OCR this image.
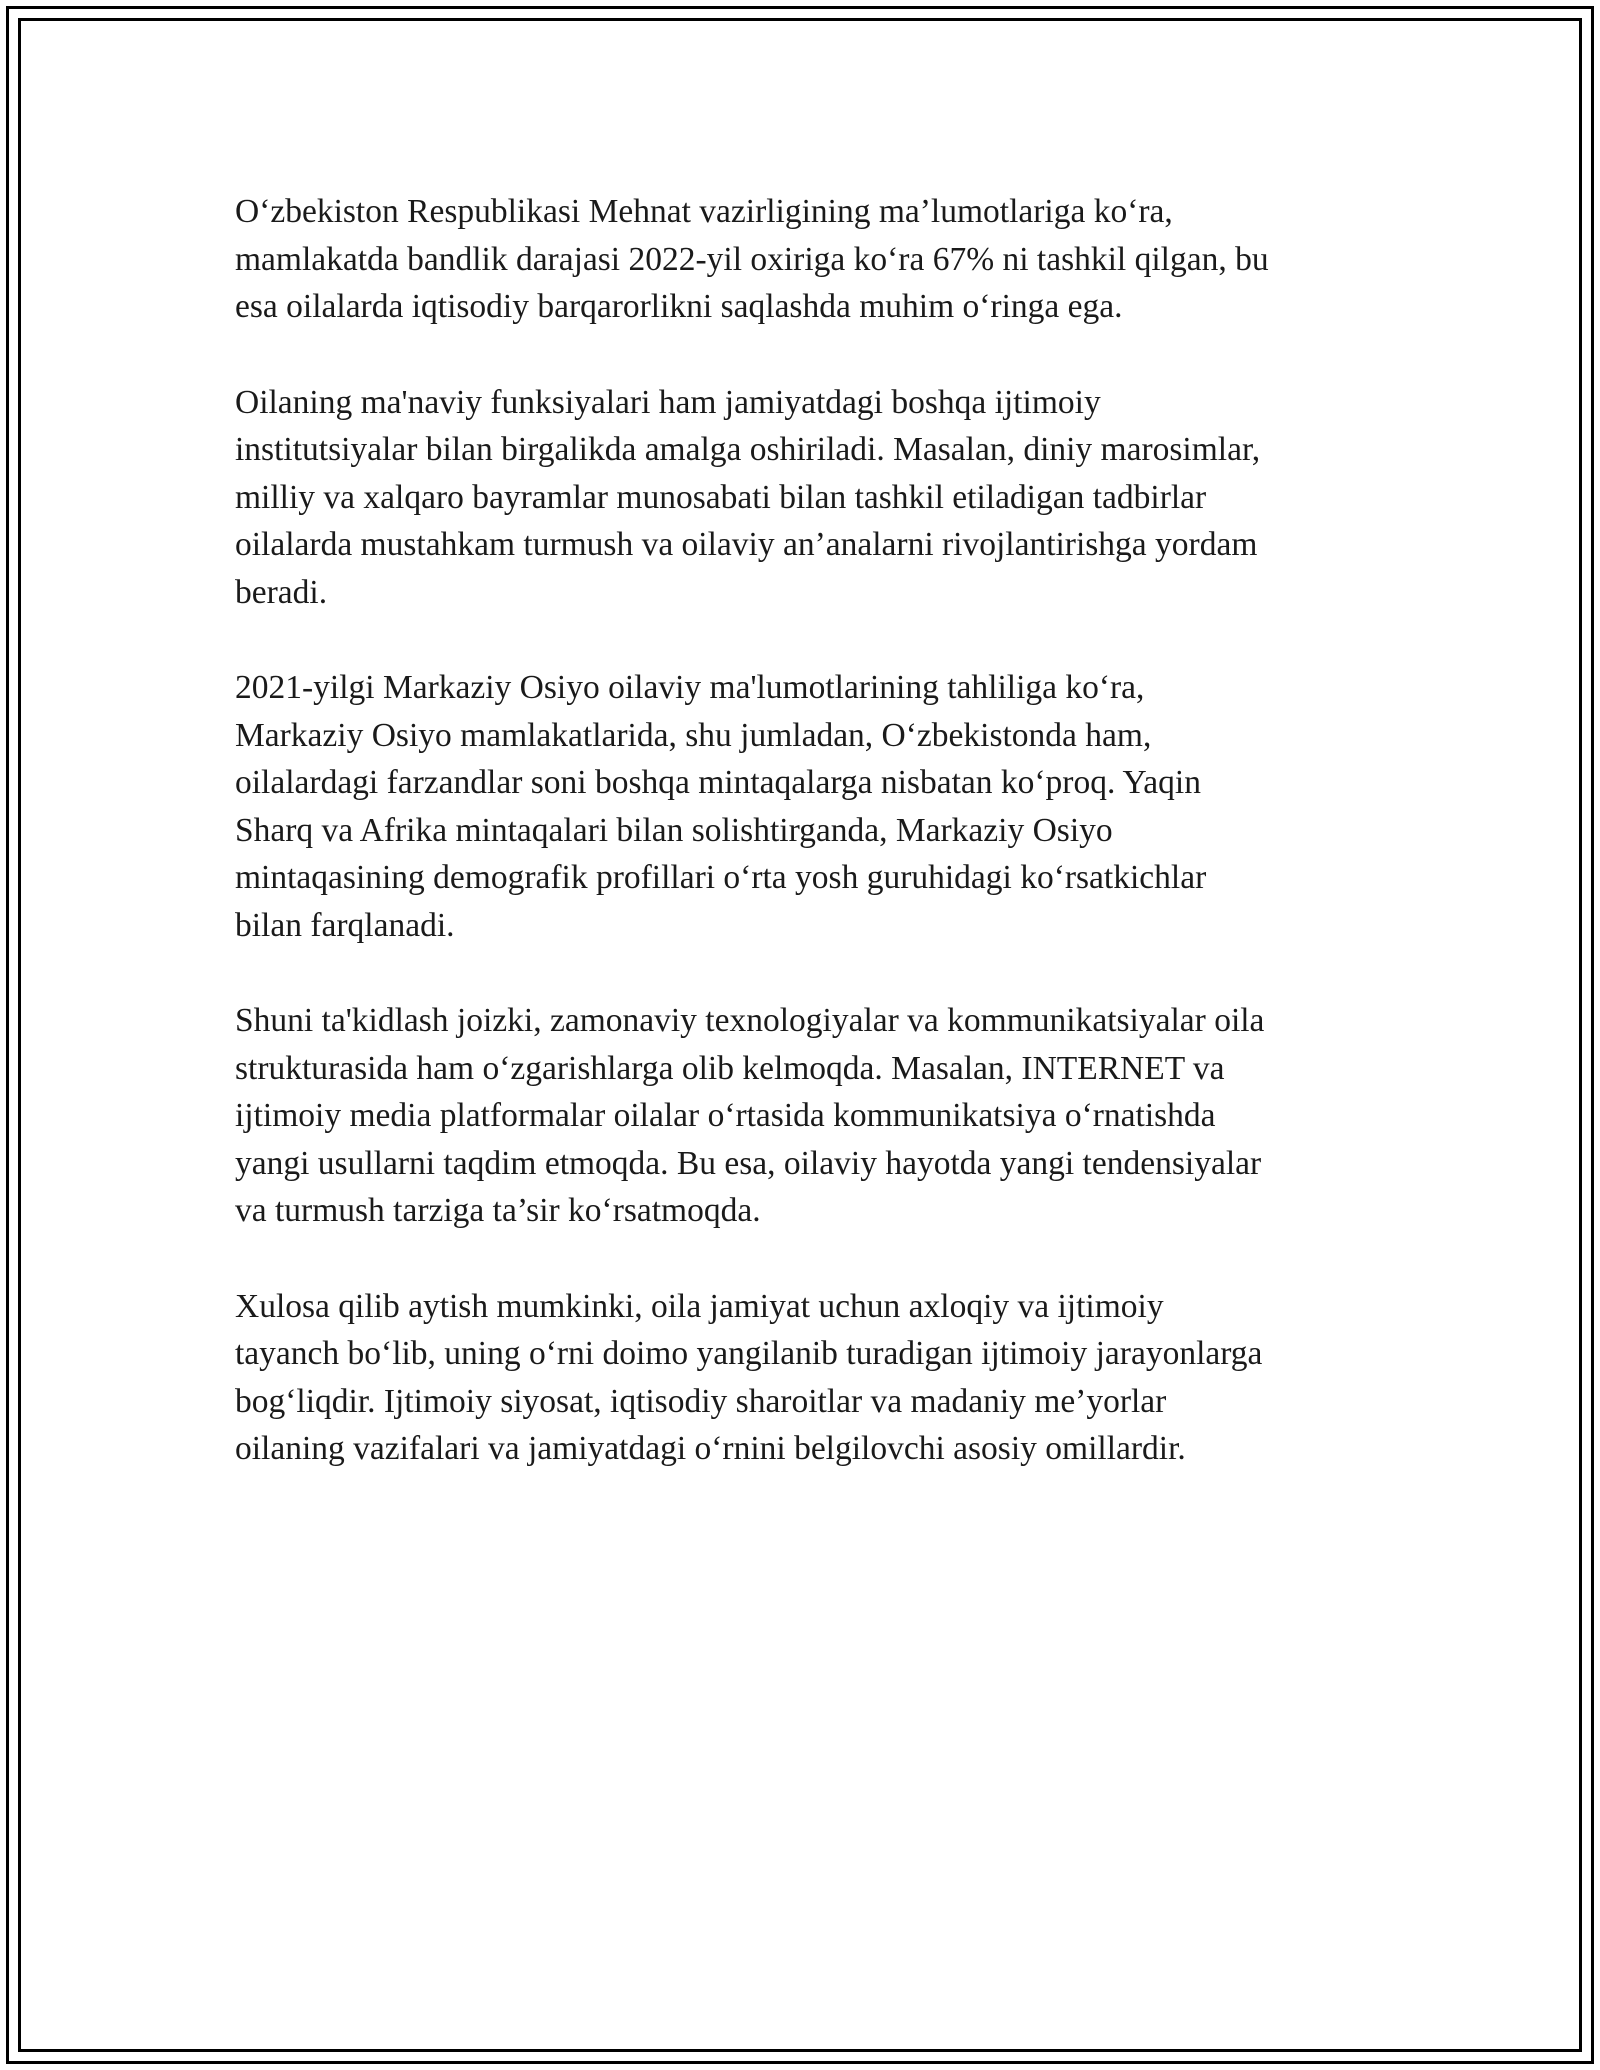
O‘zbekiston Respublikasi Mehnat vazirligining ma’lumotlariga ko‘ra,
mamlakatda bandlik darajasi 2022-yil oxiriga ko‘ra 67% ni tashkil qilgan, bu
esa oilalarda iqtisodiy barqarorlikni saqlashda muhim o‘ringa ega.

Oilaning ma'naviy funksiyalari ham jamiyatdagi boshqa ijtimoiy
institutsiyalar bilan birgalikda amalga oshiriladi. Masalan, diniy marosimlar,
milliy va xalqaro bayramlar munosabati bilan tashkil etiladigan tadbirlar
oilalarda mustahkam turmush va oilaviy an’analarni rivojlantirishga yordam
beradi.

2021-yilgi Markaziy Osiyo oilaviy ma'lumotlarining tahliliga ko‘ra,
Markaziy Osiyo mamlakatlarida, shu jumladan, O‘zbekistonda ham,
oilalardagi farzandlar soni boshqa mintaqalarga nisbatan ko‘proq. Yaqin
Sharq va Afrika mintaqalari bilan solishtirganda, Markaziy Osiyo
mintaqasining demografik profillari o‘rta yosh guruhidagi ko‘rsatkichlar
bilan farqlanadi.

Shuni ta'kidlash joizki, zamonaviy texnologiyalar va kommunikatsiyalar oila
strukturasida ham o‘zgarishlarga olib kelmoqda. Masalan, INTERNET va
ijtimoiy media platformalar oilalar o‘rtasida kommunikatsiya o‘rnatishda
yangi usullarni taqdim etmoqda. Bu esa, oilaviy hayotda yangi tendensiyalar
va turmush tarziga ta’sir ko‘rsatmoqda.

Xulosa qilib aytish mumkinki, oila jamiyat uchun axloqiy va ijtimoiy
tayanch bo‘lib, uning o‘rni doimo yangilanib turadigan ijtimoiy jarayonlarga
bog‘liqdir. Ijtimoiy siyosat, iqtisodiy sharoitlar va madaniy me’yorlar
oilaning vazifalari va jamiyatdagi o‘rnini belgilovchi asosiy omillardir.
